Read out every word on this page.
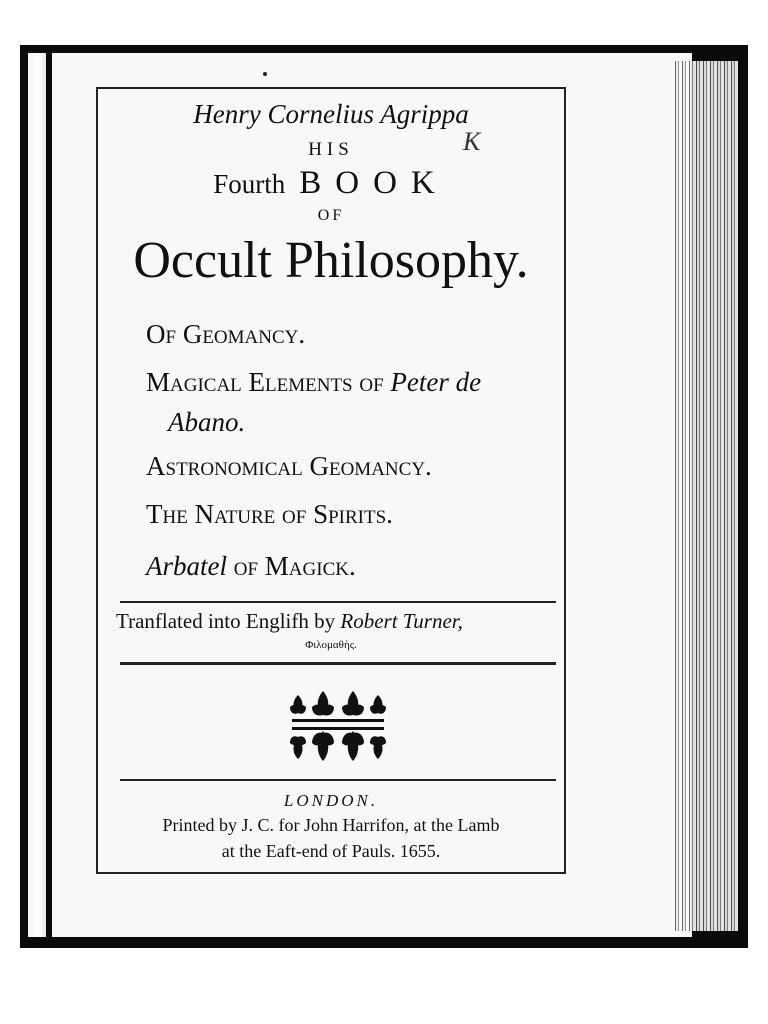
Henry Cornelius Agrippa
HIS	K
Fourth BOOK
OF
Occult Philosophy.
Of Geomancy.
Magical Elements of Peter de
Abano.
Astronomical Geomancy.
The Nature of Spirits.
Arbatel of Magick.
Tranflated into Englifh by Robert Turner,
Φιλομαθὴς.
LONDON.
Printed by J. C. for John Harrifon, at the Lamb
at the Eaft-end of Pauls. 1655.
